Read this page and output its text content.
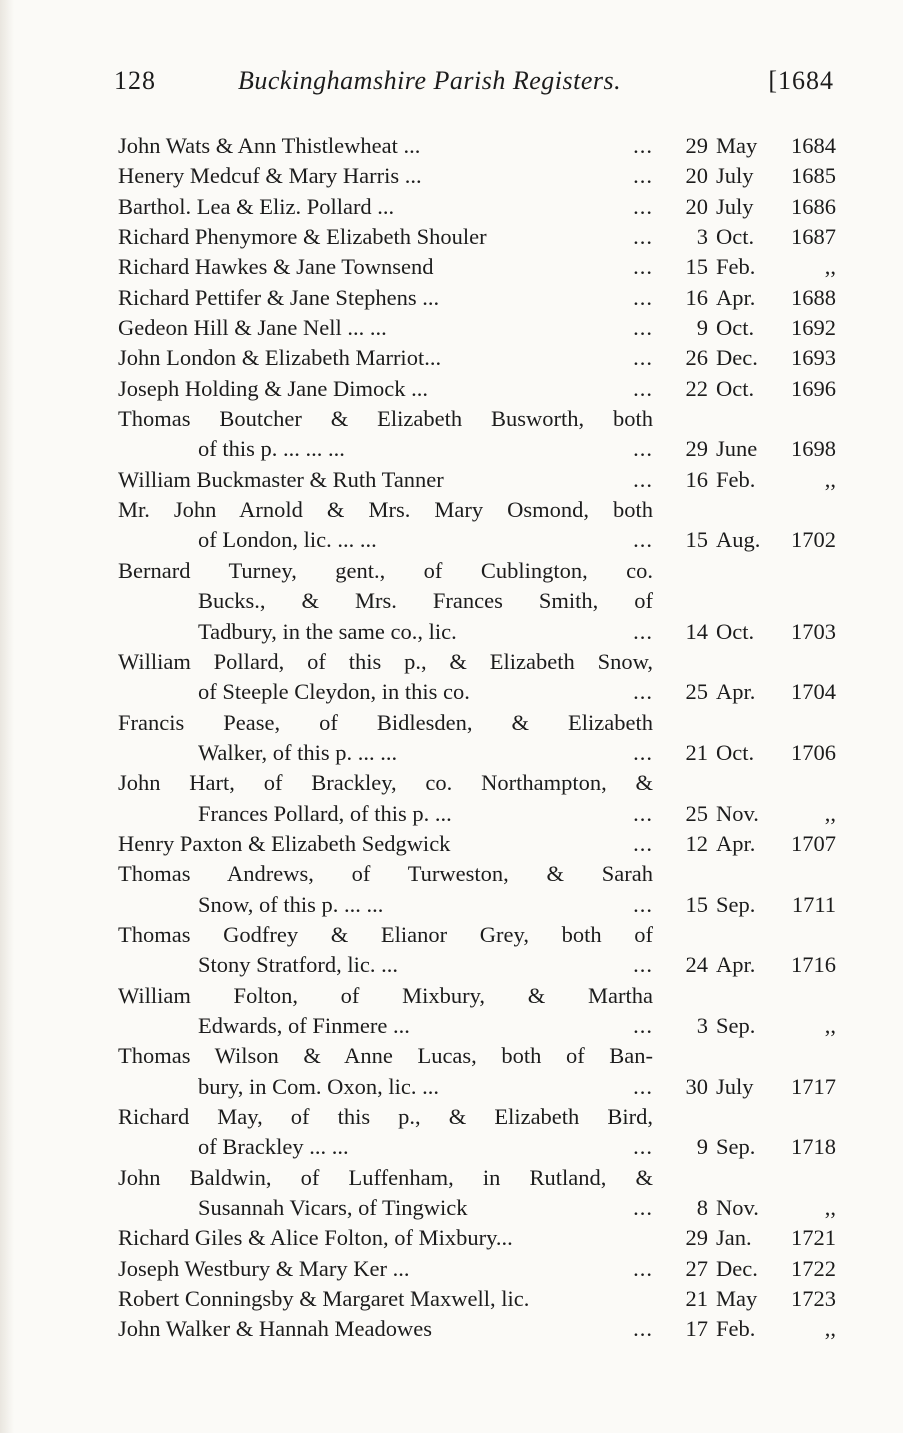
128	Buckinghamshire Parish Registers.	[1684
John Wats & Ann Thistlewheat ...	...	29 May	1684
Henery Medcuf & Mary Harris ...	...	20 July	1685
Barthol. Lea & Eliz. Pollard ...	...	20 July	1686
Richard Phenymore & Elizabeth Shouler	...	3 Oct.	1687
Richard Hawkes & Jane Townsend	...	15 Feb.	,,
Richard Pettifer & Jane Stephens ...	...	16 Apr.	1688
Gedeon Hill & Jane Nell ... ...	...	9 Oct.	1692
John London & Elizabeth Marriot...	...	26 Dec.	1693
Joseph Holding & Jane Dimock ...	...	22 Oct.	1696
Thomas Boutcher & Elizabeth Busworth, both
of this p. ... ... ...	...	29 June	1698
William Buckmaster & Ruth Tanner	...	16 Feb.	,,
Mr. John Arnold & Mrs. Mary Osmond, both
of London, lic. ... ...	...	15 Aug.	1702
Bernard Turney, gent., of Cublington, co.
Bucks., & Mrs. Frances Smith, of
Tadbury, in the same co., lic.	...	14 Oct.	1703
William Pollard, of this p., & Elizabeth Snow,
of Steeple Cleydon, in this co.	...	25 Apr.	1704
Francis Pease, of Bidlesden, & Elizabeth
Walker, of this p. ... ...	...	21 Oct.	1706
John Hart, of Brackley, co. Northampton, &
Frances Pollard, of this p. ...	...	25 Nov.	,,
Henry Paxton & Elizabeth Sedgwick	...	12 Apr.	1707
Thomas Andrews, of Turweston, & Sarah
Snow, of this p. ... ...	...	15 Sep.	1711
Thomas Godfrey & Elianor Grey, both of
Stony Stratford, lic. ...	...	24 Apr.	1716
William Folton, of Mixbury, & Martha
Edwards, of Finmere ...	...	3 Sep.	,,
Thomas Wilson & Anne Lucas, both of Ban-
bury, in Com. Oxon, lic. ...	...	30 July	1717
Richard May, of this p., & Elizabeth Bird,
of Brackley ... ...	...	9 Sep.	1718
John Baldwin, of Luffenham, in Rutland, &
Susannah Vicars, of Tingwick	...	8 Nov.	,,
Richard Giles & Alice Folton, of Mixbury...	29 Jan.	1721
Joseph Westbury & Mary Ker ...	...	27 Dec.	1722
Robert Conningsby & Margaret Maxwell, lic.	21 May	1723
John Walker & Hannah Meadowes	...	17 Feb.	,,
